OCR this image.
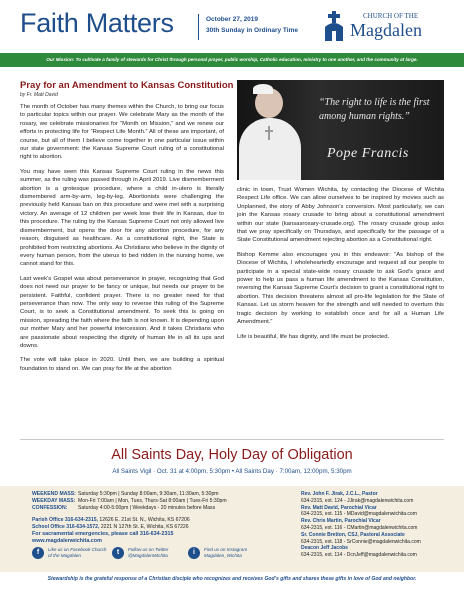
Faith Matters	October 27, 2019
30th Sunday in Ordinary Time
CHURCH OF THE
Magdalen
Our Mission: To cultivate a family of stewards for Christ through personal prayer, public worship, Catholic education, ministry to one another, and the community at large.
Pray for an Amendment to Kansas Constitution
by Fr. Matt David
“The right to life is the first among human rights.”
Pope Francis

The month of October has many themes within the Church, to bring our focus to particular topics within our prayer. We celebrate Mary as the month of the rosary, we celebrate missionaries for “Month on Mission,” and we renew our efforts in protecting life for “Respect Life Month.” All of these are important, of course, but all of them I believe come together in one particular issue within our state government: the Kansas Supreme Court ruling of a constitutional right to abortion.

You may have seen this Kansas Supreme Court ruling in the news this summer, as the ruling was passed through in April 2019. Live dismemberment abortion is a grotesque procedure, where a child in-utero is literally dismembered arm-by-arm, leg-by-leg. Abortionists were challenging the previously held Kansas ban on this procedure and were met with a surprising victory. An average of 12 children per week lose their life in Kansas, due to this procedure. The ruling by the Kansas Supreme Court not only allowed live dismemberment, but opens the door for any abortion procedure, for any reason, disguised as healthcare. As a constitutional right, the State is prohibited from restricting abortions. As Christians who believe in the dignity of every human person, from the uterus to bed ridden in the nursing home, we cannot stand for this.

Last week’s Gospel was about perseverance in prayer, recognizing that God does not need our prayer to be fancy or unique, but needs our prayer to be persistent. Faithful, confident prayer. There is no greater need for that perseverance than now. The only way to reverse this ruling of the Supreme Court, is to seek a Constitutional amendment. To seek this is going on mission, spreading the faith where the faith is not known. It is depending upon our mother Mary and her powerful intercession. And it takes Christians who are passionate about respecting the dignity of human life in all its ups and downs.

The vote will take place in 2020. Until then, we are building a spiritual foundation to stand on. We can pray for life at the abortion

clinic in town, Trust Women Wichita, by contacting the Diocese of Wichita Respect Life office. We can allow ourselves to be inspired by movies such as Unplanned, the story of Abby Johnson’s conversion. Most particularly, we can join the Kansas rosary crusade to bring about a constitutional amendment within our state (kansasrosary-crusade.org). The rosary crusade group asks that we pray specifically on Thursdays, and specifically for the passage of a State Constitutional amendment rejecting abortion as a Constitutional right.

Bishop Kemme also encourages you in this endeavor: “As bishop of the Diocese of Wichita, I wholeheartedly encourage and request all our people to participate in a special state-wide rosary crusade to ask God’s grace and power to help us pass a human life amendment to the Kansas Constitution, reversing the Kansas Supreme Court’s decision to grant a constitutional right to abortion. This decision threatens almost all pro-life legislation for the State of Kansas. Let us storm heaven for the strength and will needed to overturn this tragic decision by working to establish once and for all a Human Life Amendment.”

Life is beautiful, life has dignity, and life must be protected.

All Saints Day, Holy Day of Obligation
All Saints Vigil · Oct. 31 at 4:00pm, 5:30pm • All Saints Day · 7:00am, 12:00pm, 5:30pm
WEEKEND MASS: Saturday 5:30pm | Sunday 8:00am, 9:30am, 11:30am, 5:30pm
WEEKDAY MASS: Mon-Fri 7:00am | Mon, Tues, Thurs-Sat 8:00am | Tues-Fri 5:30pm
CONFESSION: Saturday 4:00-5:00pm | Weekdays - 20 minutes before Mass
Parish Office 316-634-2315, 12626 E. 21st St. N., Wichita, KS 67206
School Office 316-634-1572, 2221 N 127th St. E, Wichita, KS 67226
For sacramental emergencies, please call 316-634-2315
www.magdalenwichita.com
f	Like us on Facebook Church of the Magdalen	t	Follow us on Twitter @MagdalenWichita	i	Find us on Instagram Magdalen_Wichita
Rev. John F. Jirak, J.C.L., Pastor
634-2315, ext. 124 - JJirak@magdalenwichita.com
Rev. Matt David, Parochial Vicar
634-2315, ext. 115 - MDavid@magdalenwichita.com
Rev. Chris Martin, Parochial Vicar
634-2315, ext. 116 - CMartin@magdalenwichita.com
Sr. Connie Bretton, CSJ, Pastoral Associate
634-2315, ext. 118 - SrConnie@magdalenwichita.com
Deacon Jeff Jacobs
634-2315, ext. 114 - DcnJeff@magdalenwichita.com
Stewardship is the grateful response of a Christian disciple who recognizes and receives God’s gifts and shares these gifts in love of God and neighbor.
